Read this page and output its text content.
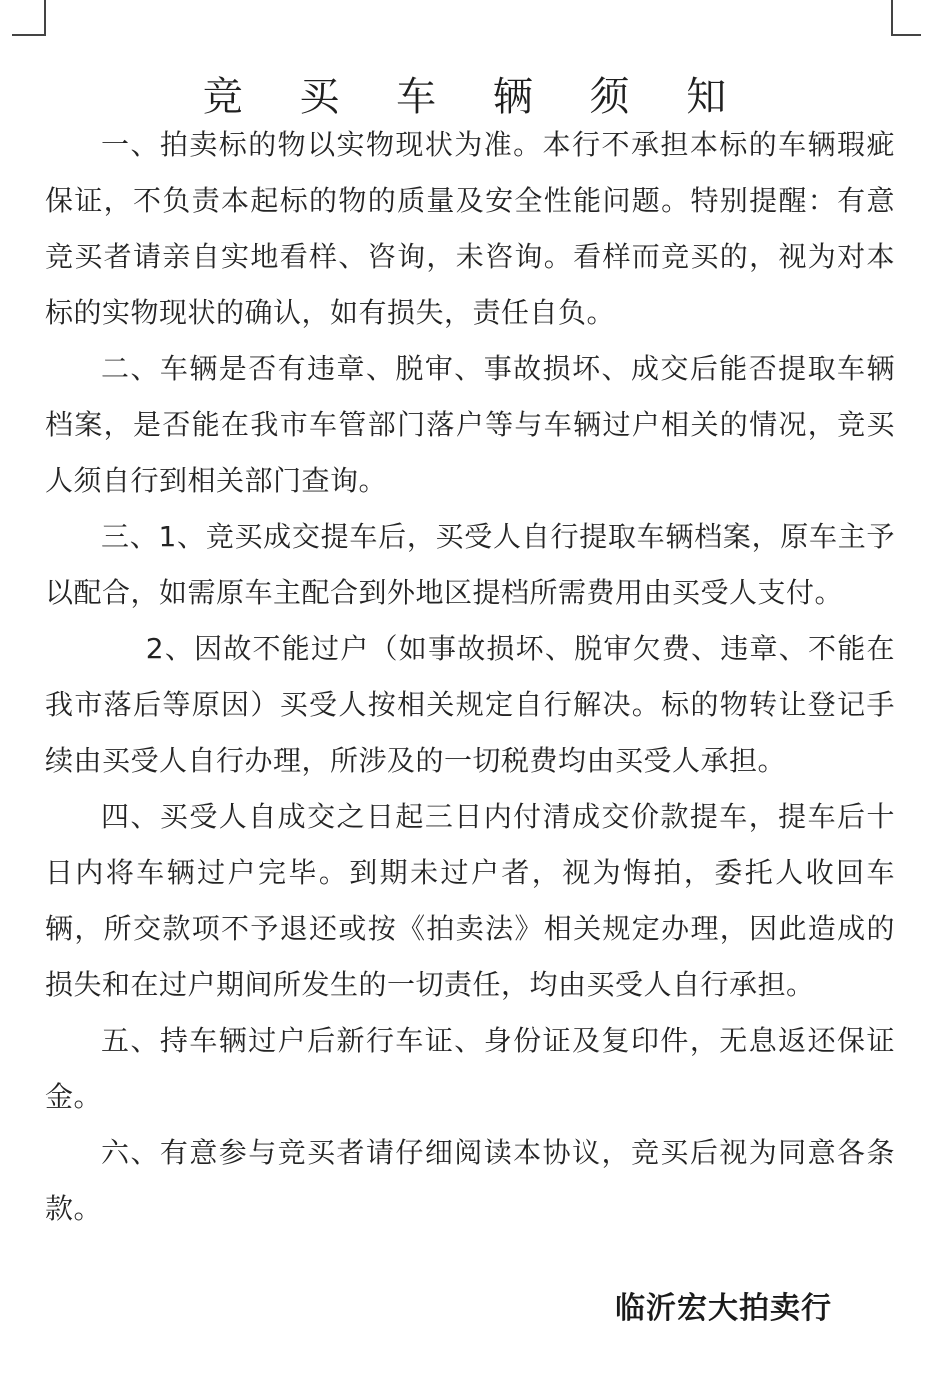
竞 买 车 辆 须 知

一、拍卖标的物以实物现状为准。本行不承担本标的车辆瑕疵保证，不负责本起标的物的质量及安全性能问题。特别提醒：有意竞买者请亲自实地看样、咨询，未咨询。看样而竞买的，视为对本标的实物现状的确认，如有损失，责任自负。

二、车辆是否有违章、脱审、事故损坏、成交后能否提取车辆档案，是否能在我市车管部门落户等与车辆过户相关的情况，竞买人须自行到相关部门查询。

三、1、竞买成交提车后，买受人自行提取车辆档案，原车主予以配合，如需原车主配合到外地区提档所需费用由买受人支付。

2、因故不能过户（如事故损坏、脱审欠费、违章、不能在我市落后等原因）买受人按相关规定自行解决。标的物转让登记手续由买受人自行办理，所涉及的一切税费均由买受人承担。

四、买受人自成交之日起三日内付清成交价款提车，提车后十日内将车辆过户完毕。到期未过户者，视为悔拍，委托人收回车辆，所交款项不予退还或按《拍卖法》相关规定办理，因此造成的损失和在过户期间所发生的一切责任，均由买受人自行承担。

五、持车辆过户后新行车证、身份证及复印件，无息返还保证金。

六、有意参与竞买者请仔细阅读本协议，竞买后视为同意各条款。

临沂宏大拍卖行
